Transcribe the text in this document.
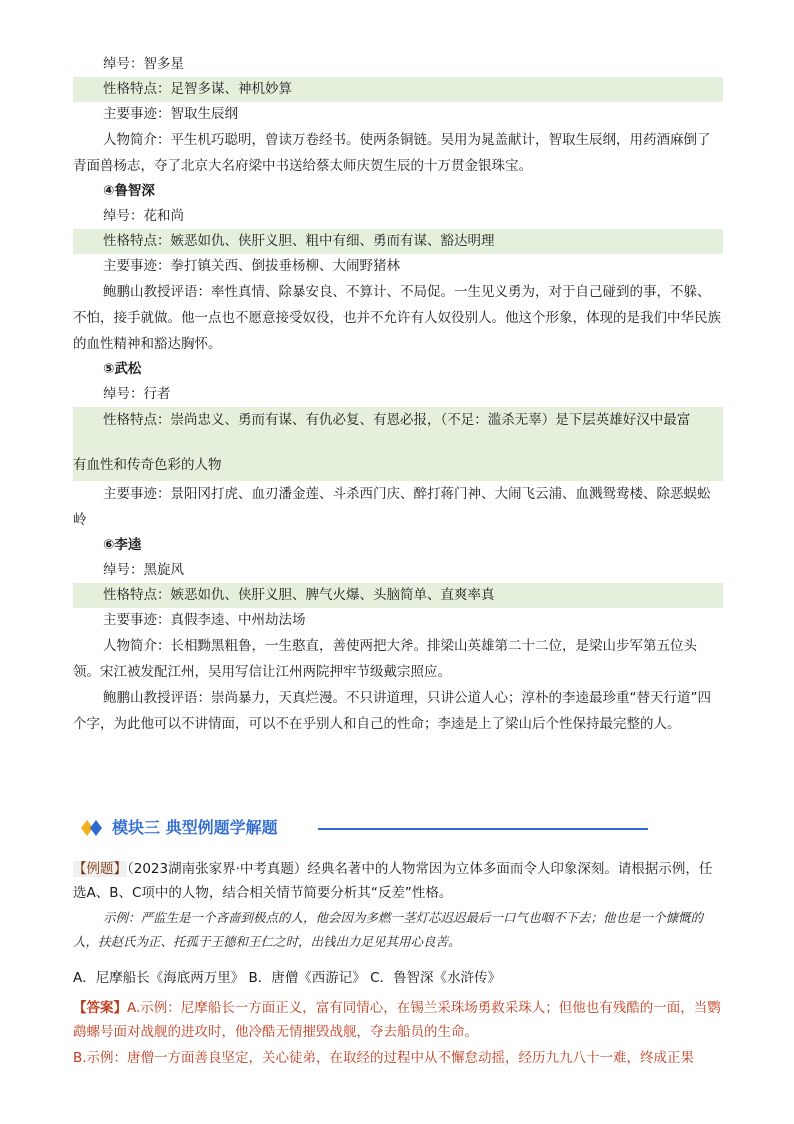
绰号：智多星

性格特点：足智多谋、神机妙算

主要事迹：智取生辰纲

人物简介：平生机巧聪明，曾读万卷经书。使两条铜链。吴用为晁盖献计，智取生辰纲，用药酒麻倒了青面兽杨志，夺了北京大名府梁中书送给蔡太师庆贺生辰的十万贯金银珠宝。

④鲁智深

绰号：花和尚

性格特点：嫉恶如仇、侠肝义胆、粗中有细、勇而有谋、豁达明理

主要事迹：拳打镇关西、倒拔垂杨柳、大闹野猪林

鲍鹏山教授评语：率性真情、除暴安良、不算计、不局促。一生见义勇为，对于自己碰到的事，不躲、不怕，接手就做。他一点也不愿意接受奴役，也并不允许有人奴役别人。他这个形象，体现的是我们中华民族的血性精神和豁达胸怀。

⑤武松

绰号：行者

性格特点：崇尚忠义、勇而有谋、有仇必复、有恩必报，（不足：滥杀无辜）是下层英雄好汉中最富
有血性和传奇色彩的人物

主要事迹：景阳冈打虎、血刃潘金莲、斗杀西门庆、醉打蒋门神、大闹飞云浦、血溅鸳鸯楼、除恶蜈蚣岭

⑥李逵

绰号：黑旋风

性格特点：嫉恶如仇、侠肝义胆、脾气火爆、头脑简单、直爽率真

主要事迹：真假李逵、中州劫法场

人物简介：长相黝黑粗鲁，一生憨直，善使两把大斧。排梁山英雄第二十二位，是梁山步军第五位头领。宋江被发配江州，吴用写信让江州两院押牢节级戴宗照应。

鲍鹏山教授评语：崇尚暴力，天真烂漫。不只讲道理，只讲公道人心；淳朴的李逵最珍重“替天行道”四个字，为此他可以不讲情面，可以不在乎别人和自己的性命；李逵是上了梁山后个性保持最完整的人。

模块三 典型例题学解题
【例题】（2023湖南张家界·中考真题）经典名著中的人物常因为立体多面而令人印象深刻。请根据示例，任选A、B、C项中的人物，结合相关情节简要分析其“反差”性格。
示例：严监生是一个吝啬到极点的人，他会因为多燃一茎灯芯迟迟最后一口气也咽不下去；他也是一个慷慨的人，扶赵氏为正、托孤于王德和王仁之时，出钱出力足见其用心良苦。
A．尼摩船长《海底两万里》 B．唐僧《西游记》 C．鲁智深《水浒传》
【答案】A.示例：尼摩船长一方面正义，富有同情心，在锡兰采珠场勇救采珠人；但他也有残酷的一面，当鹦鹉螺号面对战舰的进攻时，他冷酷无情摧毁战舰，夺去船员的生命。
B.示例：唐僧一方面善良坚定，关心徒弟，在取经的过程中从不懈怠动摇，经历九九八十一难，终成正果
